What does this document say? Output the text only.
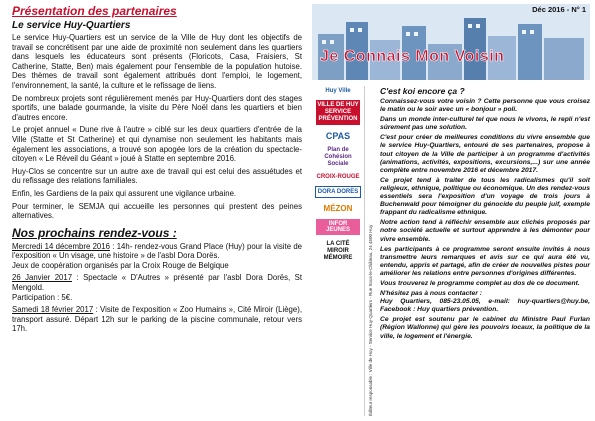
Présentation des partenaires

Le service Huy-Quartiers

Le service Huy-Quartiers est un service de la Ville de Huy dont les objectifs de travail se concrétisent par une aide de proximité non seulement dans les quartiers dans lesquels les éducateurs sont présents (Floricots, Casa, Fraisiers, St Catherine, Statte, Ben) mais également pour l'ensemble de la population hutoise. Des thèmes de travail sont également attribués dont l'emploi, le logement, l'environnement, la santé, la culture et le refissage de liens.

De nombreux projets sont régulièrement menés par Huy-Quartiers dont des stages sportifs, une balade gourmande, la visite du Père Noël dans les quartiers et bien d'autres encore.

Le projet annuel « Dune rive à l'autre » ciblé sur les deux quartiers d'entrée de la Ville (Statte et St Catherine) et qui dynamise non seulement les habitants mais également les associations, a trouvé son apogée lors de la création du spectacle-citoyen « Le Réveil du Géant » joué à Statte en septembre 2016.

Huy-Clos se concentre sur un autre axe de travail qui est celui des assuétudes et du refissage des relations familiales.

Enfin, les Gardiens de la paix qui assurent une vigilance urbaine.

Pour terminer, le SEMJA qui accueille les personnes qui prestent des peines alternatives.

Nos prochains rendez-vous :

Mercredi 14 décembre 2016 : 14h- rendez-vous Grand Place (Huy) pour la visite de l'exposition « Un visage, une histoire » de l'asbl Dora Dorës.
Jeux de coopération organisés par la Croix Rouge de Belgique

26 Janvier 2017 : Spectacle « D'Autres » présenté par l'asbl Dora Dorës, St Mengold.
Participation : 5€.

Samedi 18 février 2017 : Visite de l'exposition « Zoo Humains », Cité Miroir (Liège), transport assuré. Départ 12h sur le parking de la piscine communale, retour vers 17h.

Déc 2016 - N° 1
Je Connais Mon Voisin
Huy Ville
VILLE DE HUY SERVICE PRÉVENTION
CPAS
Plan de Cohésion Sociale
CROIX-ROUGE
DORA DORËS
MÉZON
INFOR JEUNES
LA CITÉ MIROIR MÉMOIRE	Éditeur responsable : Ville de Huy - Service Huy-Quartiers - Rue Sous-le-Château, 24 4500 Huy

C'est koi encore ça ?

Connaissez-vous votre voisin ? Cette personne que vous croisez le matin ou le soir avec un « bonjour » poli.

Dans un monde inter-culturel tel que nous le vivons, le repli n'est sûrement pas une solution.

C'est pour créer de meilleures conditions du vivre ensemble que le service Huy-Quartiers, entouré de ses partenaires, propose à tout citoyen de la Ville de participer à un programme d'activités (animations, activités, expositions, excursions,...) sur une année complète entre novembre 2016 et décembre 2017.

Ce projet tend à traiter de tous les radicalismes qu'il soit religieux, ethnique, politique ou économique. Un des rendez-vous essentiels sera l'exposition d'un voyage de trois jours à Buchenwald pour témoigner du génocide du peuple juif, exemple frappant du radicalisme ethnique.

Notre action tend à réfléchir ensemble aux clichés proposés par notre société actuelle et surtout apprendre à les démonter pour vivre ensemble.

Les participants à ce programme seront ensuite invités à nous transmettre leurs remarques et avis sur ce qui aura été vu, entendu, appris et partagé, afin de créer de nouvelles pistes pour améliorer les relations entre personnes d'origines différentes.

Vous trouverez le programme complet au dos de ce document.

N'hésitez pas à nous contacter :

Huy Quartiers, 085-23.05.05, e-mail: huy-quartiers@huy.be, Facebook : Huy quartiers prévention.

Ce projet est soutenu par le cabinet du Ministre Paul Furlan (Région Wallonne) qui gère les pouvoirs locaux, la politique de la ville, le logement et l'énergie.
